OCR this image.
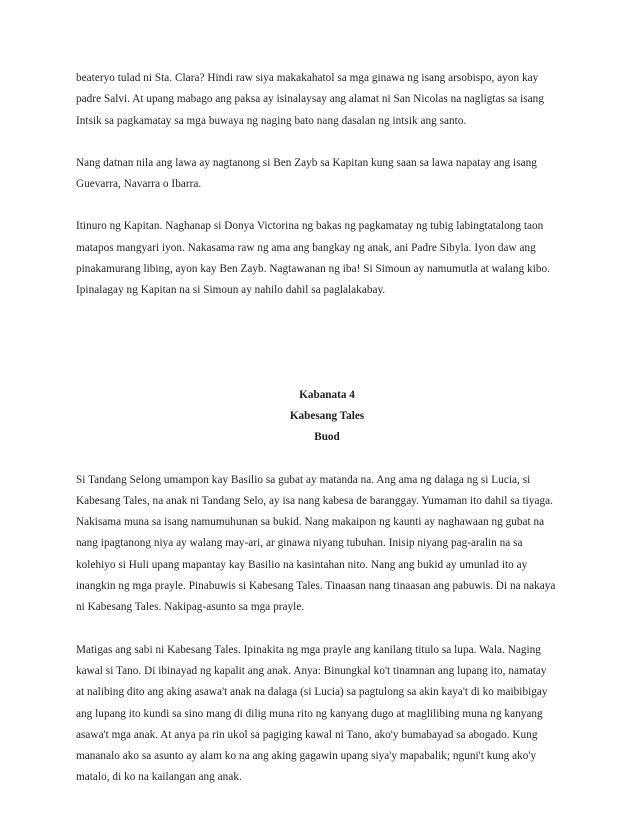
beateryo tulad ni Sta. Clara? Hindi raw siya makakahatol sa mga ginawa ng isang arsobispo, ayon kay
padre Salvi. At upang mabago ang paksa ay isinalaysay ang alamat ni San Nicolas na nagligtas sa isang
Intsik sa pagkamatay sa mga buwaya ng naging bato nang dasalan ng intsik ang santo.
Nang datnan nila ang lawa ay nagtanong si Ben Zayb sa Kapitan kung saan sa lawa napatay ang isang
Guevarra, Navarra o Ibarra.
Itinuro ng Kapitan. Naghanap si Donya Victorina ng bakas ng pagkamatay ng tubig labingtatalong taon
matapos mangyari iyon. Nakasama raw ng ama ang bangkay ng anak, ani Padre Sibyla. Iyon daw ang
pinakamurang libing, ayon kay Ben Zayb. Nagtawanan ng iba! Si Simoun ay namumutla at walang kibo.
Ipinalagay ng Kapitan na si Simoun ay nahilo dahil sa paglalakabay.
Kabanata 4
Kabesang Tales
Buod
Si Tandang Selong umampon kay Basilio sa gubat ay matanda na. Ang ama ng dalaga ng si Lucia, si
Kabesang Tales, na anak ni Tandang Selo, ay isa nang kabesa de baranggay. Yumaman ito dahil sa tiyaga.
Nakisama muna sa isang namumuhunan sa bukid. Nang makaipon ng kaunti ay naghawaan ng gubat na
nang ipagtanong niya ay walang may-ari, ar ginawa niyang tubuhan. Inisip niyang pag-aralin na sa
kolehiyo si Huli upang mapantay kay Basilio na kasintahan nito. Nang ang bukid ay umunlad ito ay
inangkin ng mga prayle. Pinabuwis si Kabesang Tales. Tinaasan nang tinaasan ang pabuwis. Di na nakaya
ni Kabesang Tales. Nakipag-asunto sa mga prayle.
Matigas ang sabi ni Kabesang Tales. Ipinakita ng mga prayle ang kanilang titulo sa lupa. Wala. Naging
kawal si Tano. Di ibinayad ng kapalit ang anak. Anya: Binungkal ko't tinamnan ang lupang ito, namatay
at nalibing dito ang aking asawa't anak na dalaga (si Lucia) sa pagtulong sa akin kaya't di ko maibibigay
ang lupang ito kundi sa sino mang di dilig muna rito ng kanyang dugo at maglilibing muna ng kanyang
asawa't mga anak. At anya pa rin ukol sa pagiging kawal ni Tano, ako'y bumabayad sa abogado. Kung
mananalo ako sa asunto ay alam ko na ang aking gagawin upang siya'y mapabalik; nguni't kung ako'y
matalo, di ko na kailangan ang anak.
